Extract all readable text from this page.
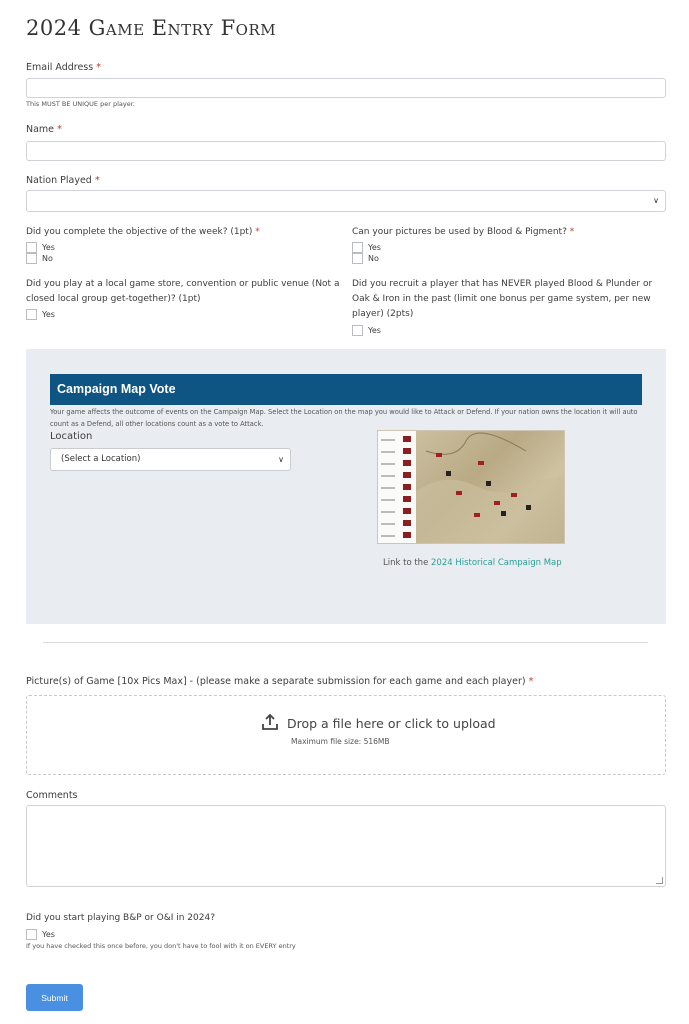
2024 Game Entry Form
Email Address *
This MUST BE UNIQUE per player.
Name *
Nation Played *
∨
Did you complete the objective of the week? (1pt) *
Yes
No
Can your pictures be used by Blood & Pigment? *
Yes
No
Did you play at a local game store, convention or public venue (Not a closed local group get-together)? (1pt)
Yes
Did you recruit a player that has NEVER played Blood & Plunder or Oak & Iron in the past (limit one bonus per game system, per new player) (2pts)
Yes
Campaign Map Vote
Your game affects the outcome of events on the Campaign Map. Select the Location on the map you would like to Attack or Defend. If your nation owns the location it will auto count as a Defend, all other locations count as a vote to Attack.
Location
(Select a Location)	∨
Link to the 2024 Historical Campaign Map
Picture(s) of Game [10x Pics Max] - (please make a separate submission for each game and each player) *
Drop a file here or click to upload
Maximum file size: 516MB
Comments
Did you start playing B&P or O&I in 2024?
Yes
If you have checked this once before, you don't have to fool with it on EVERY entry
Submit
